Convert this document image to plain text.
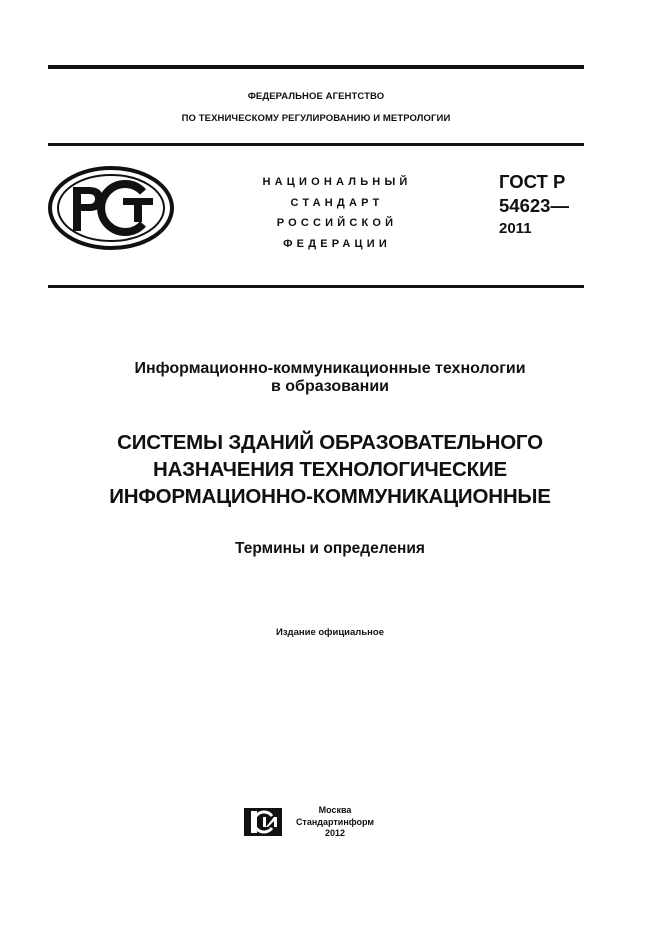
ФЕДЕРАЛЬНОЕ АГЕНТСТВО
ПО ТЕХНИЧЕСКОМУ РЕГУЛИРОВАНИЮ И МЕТРОЛОГИИ
НАЦИОНАЛЬНЫЙ
СТАНДАРТ
РОССИЙСКОЙ
ФЕДЕРАЦИИ
ГОСТ Р
54623—
2011
Информационно-коммуникационные технологии
в образовании
СИСТЕМЫ ЗДАНИЙ ОБРАЗОВАТЕЛЬНОГО
НАЗНАЧЕНИЯ ТЕХНОЛОГИЧЕСКИЕ
ИНФОРМАЦИОННО-КОММУНИКАЦИОННЫЕ
Термины и определения
Издание официальное
Москва
Стандартинформ
2012
